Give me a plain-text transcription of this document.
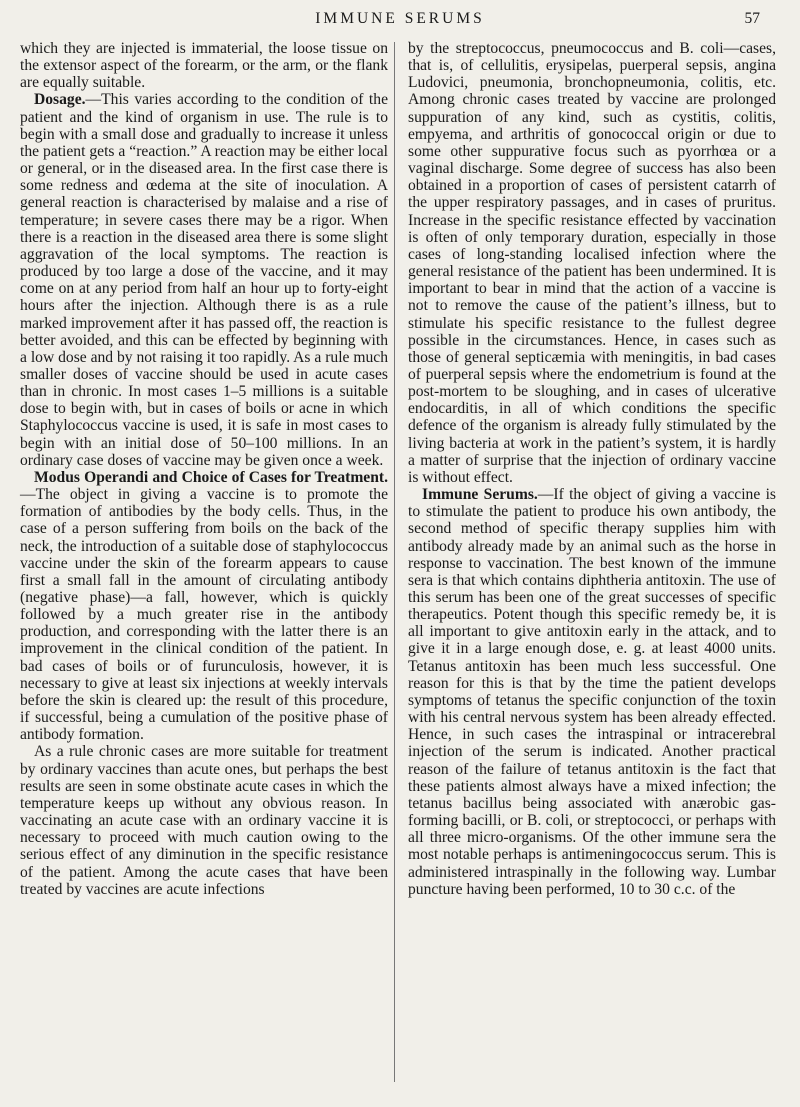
IMMUNE SERUMS	57

which they are injected is immaterial, the loose tissue on the extensor aspect of the forearm, or the arm, or the flank are equally suitable.

Dosage.—This varies according to the condition of the patient and the kind of organism in use. The rule is to begin with a small dose and gradually to increase it unless the patient gets a “reaction.” A reaction may be either local or general, or in the diseased area. In the first case there is some redness and œdema at the site of inoculation. A general reaction is characterised by malaise and a rise of temperature; in severe cases there may be a rigor. When there is a reaction in the diseased area there is some slight aggravation of the local symptoms. The reaction is produced by too large a dose of the vaccine, and it may come on at any period from half an hour up to forty-eight hours after the injection. Although there is as a rule marked improvement after it has passed off, the reaction is better avoided, and this can be effected by beginning with a low dose and by not raising it too rapidly. As a rule much smaller doses of vaccine should be used in acute cases than in chronic. In most cases 1–5 millions is a suitable dose to begin with, but in cases of boils or acne in which Staphylococcus vaccine is used, it is safe in most cases to begin with an initial dose of 50–100 millions. In an ordinary case doses of vaccine may be given once a week.

Modus Operandi and Choice of Cases for Treatment.—The object in giving a vaccine is to promote the formation of antibodies by the body cells. Thus, in the case of a person suffering from boils on the back of the neck, the introduction of a suitable dose of staphylococcus vaccine under the skin of the forearm appears to cause first a small fall in the amount of circulating antibody (negative phase)—a fall, however, which is quickly followed by a much greater rise in the antibody production, and corresponding with the latter there is an improvement in the clinical condition of the patient. In bad cases of boils or of furunculosis, however, it is necessary to give at least six injections at weekly intervals before the skin is cleared up: the result of this procedure, if successful, being a cumulation of the positive phase of antibody formation.

As a rule chronic cases are more suitable for treatment by ordinary vaccines than acute ones, but perhaps the best results are seen in some obstinate acute cases in which the temperature keeps up without any obvious reason. In vaccinating an acute case with an ordinary vaccine it is necessary to proceed with much caution owing to the serious effect of any diminution in the specific resistance of the patient. Among the acute cases that have been treated by vaccines are acute infections

by the streptococcus, pneumococcus and B. coli—cases, that is, of cellulitis, erysipelas, puerperal sepsis, angina Ludovici, pneumonia, bronchopneumonia, colitis, etc. Among chronic cases treated by vaccine are prolonged suppuration of any kind, such as cystitis, colitis, empyema, and arthritis of gonococcal origin or due to some other suppurative focus such as pyorrhœa or a vaginal discharge. Some degree of success has also been obtained in a proportion of cases of persistent catarrh of the upper respiratory passages, and in cases of pruritus. Increase in the specific resistance effected by vaccination is often of only temporary duration, especially in those cases of long-standing localised infection where the general resistance of the patient has been undermined. It is important to bear in mind that the action of a vaccine is not to remove the cause of the patient’s illness, but to stimulate his specific resistance to the fullest degree possible in the circumstances. Hence, in cases such as those of general septicæmia with meningitis, in bad cases of puerperal sepsis where the endometrium is found at the post-mortem to be sloughing, and in cases of ulcerative endocarditis, in all of which conditions the specific defence of the organism is already fully stimulated by the living bacteria at work in the patient’s system, it is hardly a matter of surprise that the injection of ordinary vaccine is without effect.

Immune Serums.—If the object of giving a vaccine is to stimulate the patient to produce his own antibody, the second method of specific therapy supplies him with antibody already made by an animal such as the horse in response to vaccination. The best known of the immune sera is that which contains diphtheria antitoxin. The use of this serum has been one of the great successes of specific therapeutics. Potent though this specific remedy be, it is all important to give antitoxin early in the attack, and to give it in a large enough dose, e. g. at least 4000 units. Tetanus antitoxin has been much less successful. One reason for this is that by the time the patient develops symptoms of tetanus the specific conjunction of the toxin with his central nervous system has been already effected. Hence, in such cases the intraspinal or intracerebral injection of the serum is indicated. Another practical reason of the failure of tetanus antitoxin is the fact that these patients almost always have a mixed infection; the tetanus bacillus being associated with anærobic gas-forming bacilli, or B. coli, or streptococci, or perhaps with all three micro-organisms. Of the other immune sera the most notable perhaps is antimeningococcus serum. This is administered intraspinally in the following way. Lumbar puncture having been performed, 10 to 30 c.c. of the
